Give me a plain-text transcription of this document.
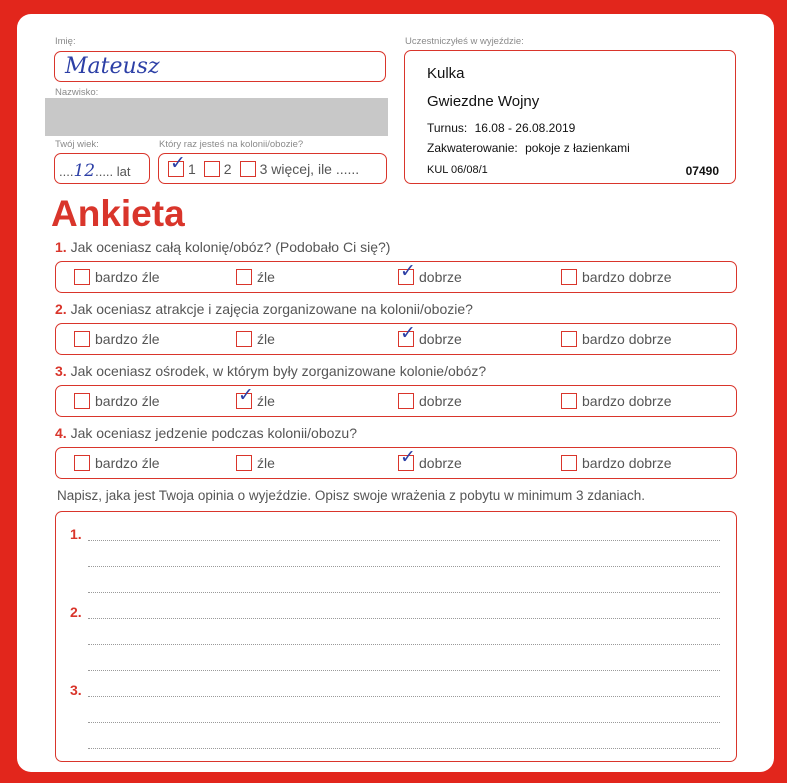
Imię:
Mateusz
Nazwisko:
Twój wiek:
....12..... lat
Który raz jesteś na kolonii/obozie?
✓ 1 2 3 więcej, ile ......
Uczestniczyłeś w wyjeździe:
Kulka
Gwiezdne Wojny
Turnus: 16.08 - 26.08.2019
Zakwaterowanie: pokoje z łazienkami
KUL 06/08/1	07490
Ankieta
1. Jak oceniasz całą kolonię/obóz? (Podobało Ci się?)
bardzo źle	źle	✓ dobrze	bardzo dobrze
2. Jak oceniasz atrakcje i zajęcia zorganizowane na kolonii/obozie?
bardzo źle	źle	✓ dobrze	bardzo dobrze
3. Jak oceniasz ośrodek, w którym były zorganizowane kolonie/obóz?
bardzo źle	✓ źle	dobrze	bardzo dobrze
4. Jak oceniasz jedzenie podczas kolonii/obozu?
bardzo źle	źle	✓ dobrze	bardzo dobrze
Napisz, jaka jest Twoja opinia o wyjeździe. Opisz swoje wrażenia z pobytu w minimum 3 zdaniach.
1.
2.
3.
